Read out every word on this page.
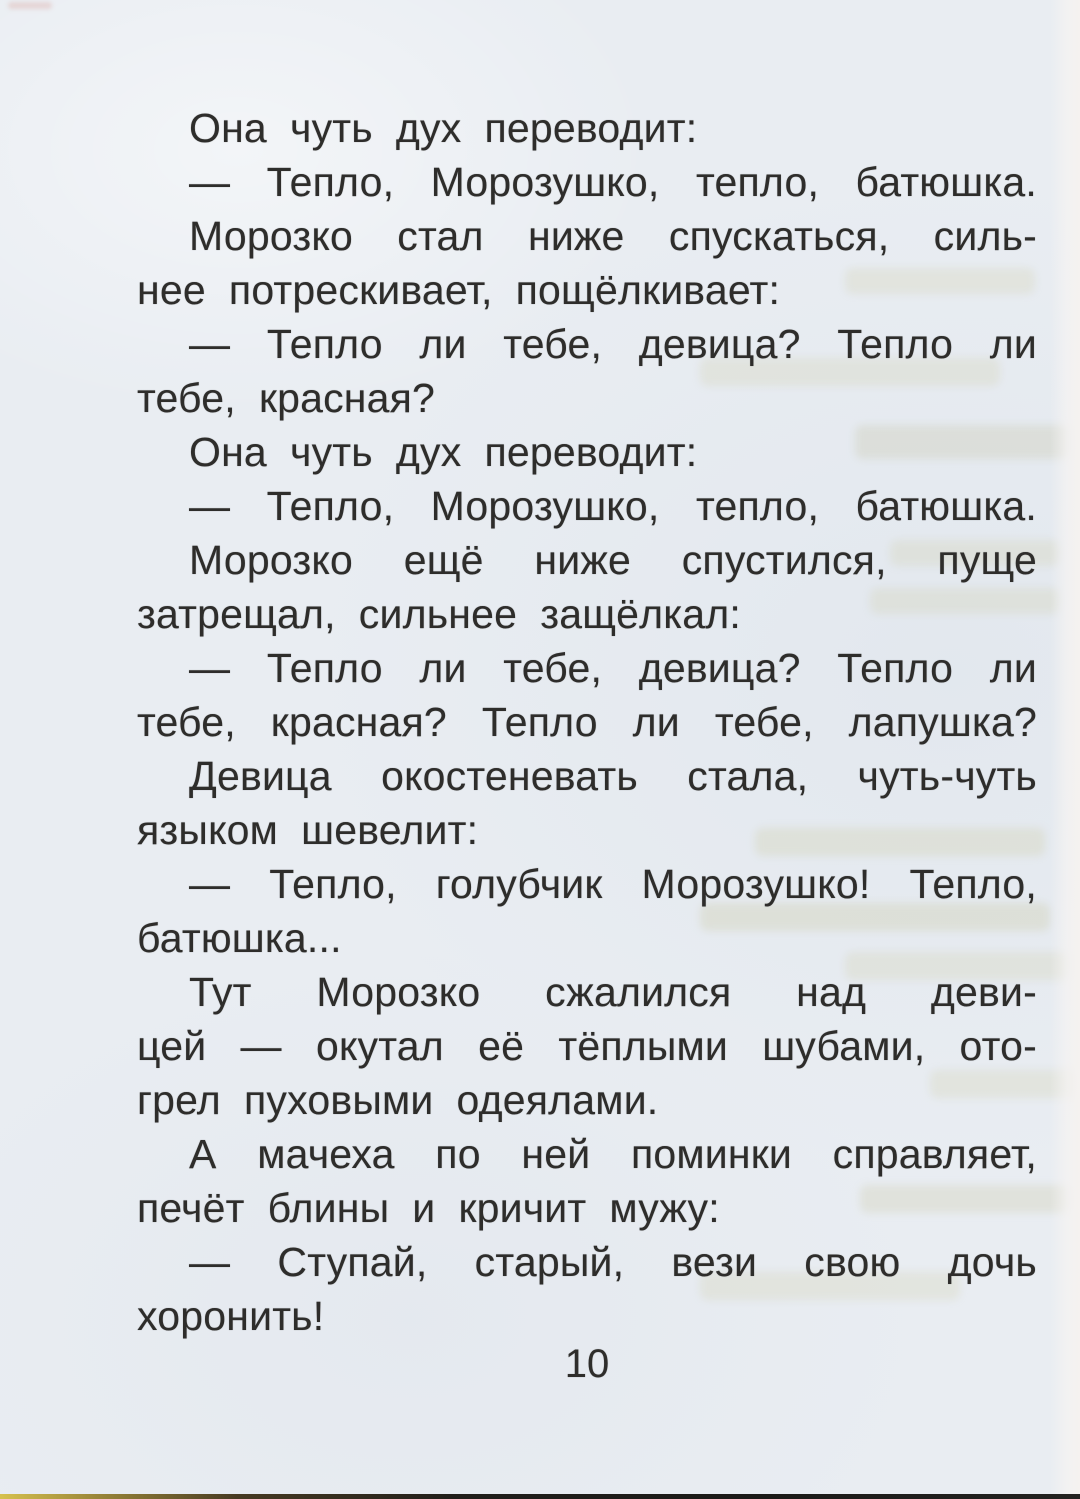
Она чуть дух переводит:
— Тепло, Морозушко, тепло, батюшка.
Морозко стал ниже спускаться, силь-
нее потрескивает, пощёлкивает:
— Тепло ли тебе, девица? Тепло ли
тебе, красная?
Она чуть дух переводит:
— Тепло, Морозушко, тепло, батюшка.
Морозко ещё ниже спустился, пуще
затрещал, сильнее защёлкал:
— Тепло ли тебе, девица? Тепло ли
тебе, красная? Тепло ли тебе, лапушка?
Девица окостеневать стала, чуть-чуть
языком шевелит:
— Тепло, голубчик Морозушко! Тепло,
батюшка...
Тут Морозко сжалился над деви-
цей — окутал её тёплыми шубами, ото-
грел пуховыми одеялами.
А мачеха по ней поминки справляет,
печёт блины и кричит мужу:
— Ступай, старый, вези свою дочь
хоронить!
10
